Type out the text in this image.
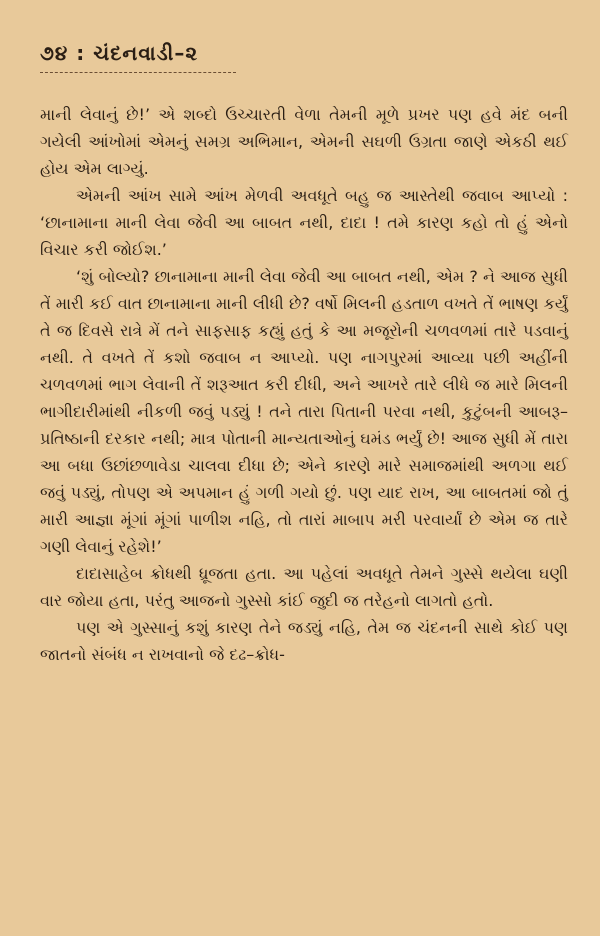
૭૪ : ચંદનવાડી–૨

માની લેવાનું છે!’ એ શબ્દો ઉચ્ચારતી વેળા તેમની મૂળે પ્રખર પણ હવે મંદ બની ગયેલી આંખોમાં એમનું સમગ્ર અભિમાન, એમની સઘળી ઉગ્રતા જાણે એકઠી થઈ હોય એમ લાગ્યું.

એમની આંખ સામે આંખ મેળવી અવધૂતે બહુ જ આસ્તેથી જવાબ આપ્યો : ‘છાનામાના માની લેવા જેવી આ બાબત નથી, દાદા ! તમે કારણ કહો તો હું એનો વિચાર કરી જોઈશ.’

‘શું બોલ્યો? છાનામાના માની લેવા જેવી આ બાબત નથી, એમ ? ને આજ સુધી તેં મારી કઈ વાત છાનામાના માની લીધી છે? વર્ષો મિલની હડતાળ વખતે તેં ભાષણ કર્યું તે જ દિવસે રાત્રે મેં તને સાફસાફ કહ્યું હતું કે આ મજૂરોની ચળવળમાં તારે પડવાનું નથી. તે વખતે તેં કશો જવાબ ન આપ્યો. પણ નાગપુરમાં આવ્યા પછી અહીંની ચળવળમાં ભાગ લેવાની તેં શરૂઆત કરી દીધી, અને આખરે તારે લીધે જ મારે મિલની ભાગીદારીમાંથી નીકળી જવું પડ્યું ! તને તારા પિતાની પરવા નથી, કુટુંબની આબરૂ–પ્રતિષ્ઠાની દરકાર નથી; માત્ર પોતાની માન્યતાઓનું ઘમંડ ભર્યું છે! આજ સુધી મેં તારા આ બધા ઉછાંછળાવેડા ચાલવા દીધા છે; એને કારણે મારે સમાજમાંથી અળગા થઈ જવું પડ્યું, તોપણ એ અપમાન હું ગળી ગયો છું. પણ યાદ રાખ, આ બાબતમાં જો તું મારી આજ્ઞા મૂંગાં મૂંગાં પાળીશ નહિ, તો તારાં માબાપ મરી પરવાર્યાં છે એમ જ તારે ગણી લેવાનું રહેશે!’

દાદાસાહેબ ક્રોધથી ધ્રૂજતા હતા. આ પહેલાં અવધૂતે તેમને ગુસ્સે થયેલા ઘણી વાર જોયા હતા, પરંતુ આજનો ગુસ્સો કાંઈ જુદી જ તરેહનો લાગતો હતો.

પણ એ ગુસ્સાનું કશું કારણ તેને જડ્યું નહિ, તેમ જ ચંદનની સાથે કોઈ પણ જાતનો સંબંધ ન રાખવાનો જે દઢ–ક્રોધ-
